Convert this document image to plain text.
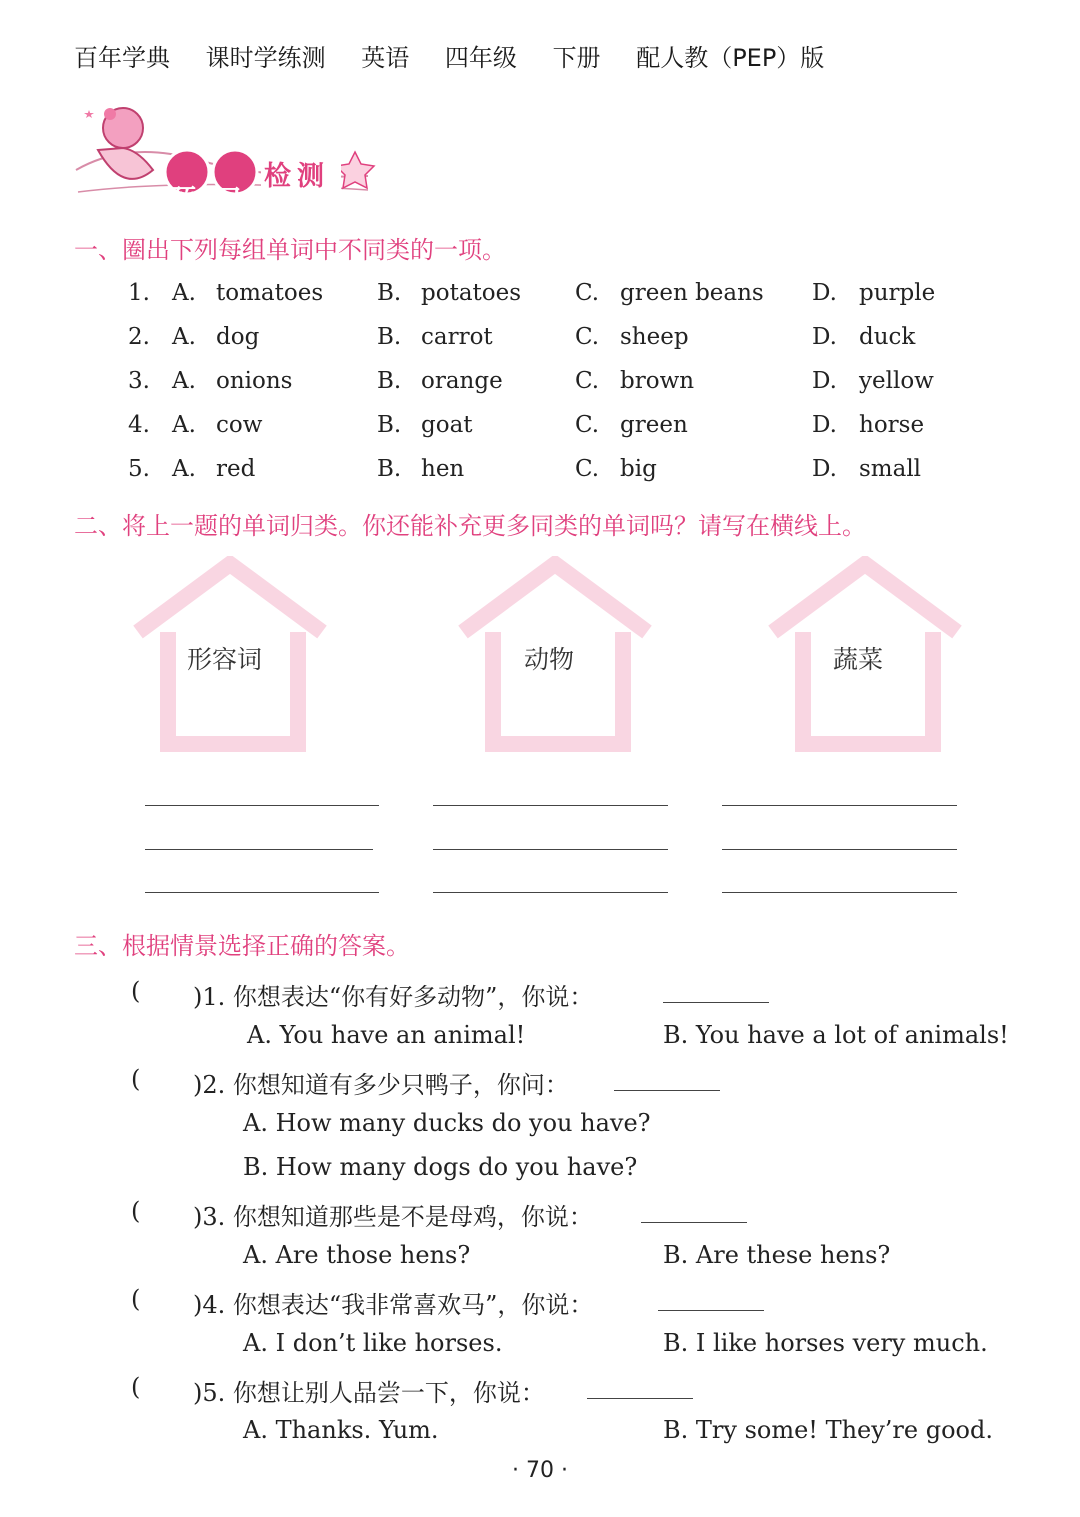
百年学典 课时学练测 英语 四年级 下册 配人教（PEP）版
预习
检测
一、圈出下列每组单词中不同类的一项。
1. A. tomatoes B. potatoes C. green beans D. purple
2. A. dog	B. carrot	C. sheep	D. duck
3. A. onions	B. orange	C. brown	D. yellow
4. A. cow	B. goat	C. green	D. horse
5. A. red	B. hen	C. big	D. small
二、将上一题的单词归类。你还能补充更多同类的单词吗？请写在横线上。
形容词	动物	蔬菜
三、根据情景选择正确的答案。
( )1. 你想表达“你有好多动物”，你说：
A. You have an animal!	B. You have a lot of animals!
( )2. 你想知道有多少只鸭子，你问：
A. How many ducks do you have?
B. How many dogs do you have?
( )3. 你想知道那些是不是母鸡，你说：
A. Are those hens?	B. Are these hens?
( )4. 你想表达“我非常喜欢马”，你说：
A. I don’t like horses.	B. I like horses very much.
( )5. 你想让别人品尝一下，你说：
A. Thanks. Yum.	B. Try some! They’re good.
· 70 ·
